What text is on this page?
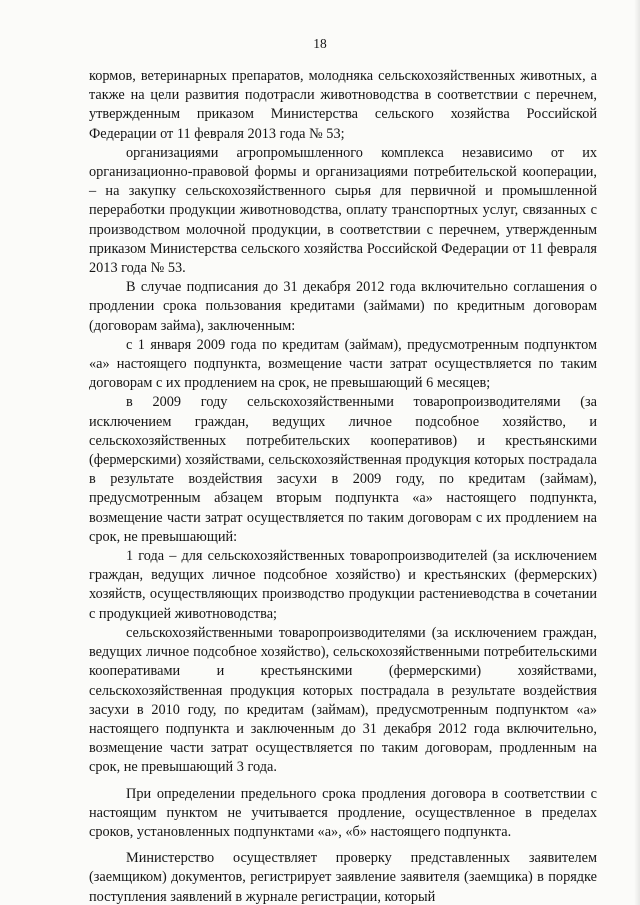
18

кормов, ветеринарных препаратов, молодняка сельскохозяйственных животных, а также на цели развития подотрасли животноводства в соответствии с перечнем, утвержденным приказом Министерства сельского хозяйства Российской Федерации от 11 февраля 2013 года № 53;

организациями агропромышленного комплекса независимо от их организационно-правовой формы и организациями потребительской кооперации, – на закупку сельскохозяйственного сырья для первичной и промышленной переработки продукции животноводства, оплату транспортных услуг, связанных с производством молочной продукции, в соответствии с перечнем, утвержденным приказом Министерства сельского хозяйства Российской Федерации от 11 февраля 2013 года № 53.

В случае подписания до 31 декабря 2012 года включительно соглашения о продлении срока пользования кредитами (займами) по кредитным договорам (договорам займа), заключенным:

с 1 января 2009 года по кредитам (займам), предусмотренным подпунктом «а» настоящего подпункта, возмещение части затрат осуществляется по таким договорам с их продлением на срок, не превышающий 6 месяцев;

в 2009 году сельскохозяйственными товаропроизводителями (за исключением граждан, ведущих личное подсобное хозяйство, и сельскохозяйственных потребительских кооперативов) и крестьянскими (фермерскими) хозяйствами, сельскохозяйственная продукция которых пострадала в результате воздействия засухи в 2009 году, по кредитам (займам), предусмотренным абзацем вторым подпункта «а» настоящего подпункта, возмещение части затрат осуществляется по таким договорам с их продлением на срок, не превышающий:

1 года – для сельскохозяйственных товаропроизводителей (за исключением граждан, ведущих личное подсобное хозяйство) и крестьянских (фермерских) хозяйств, осуществляющих производство продукции растениеводства в сочетании с продукцией животноводства;

сельскохозяйственными товаропроизводителями (за исключением граждан, ведущих личное подсобное хозяйство), сельскохозяйственными потребительскими кооперативами и крестьянскими (фермерскими) хозяйствами, сельскохозяйственная продукция которых пострадала в результате воздействия засухи в 2010 году, по кредитам (займам), предусмотренным подпунктом «а» настоящего подпункта и заключенным до 31 декабря 2012 года включительно, возмещение части затрат осуществляется по таким договорам, продленным на срок, не превышающий 3 года.

При определении предельного срока продления договора в соответствии с настоящим пунктом не учитывается продление, осуществленное в пределах сроков, установленных подпунктами «а», «б» настоящего подпункта.

Министерство осуществляет проверку представленных заявителем (заемщиком) документов, регистрирует заявление заявителя (заемщика) в порядке поступления заявлений в журнале регистрации, который
